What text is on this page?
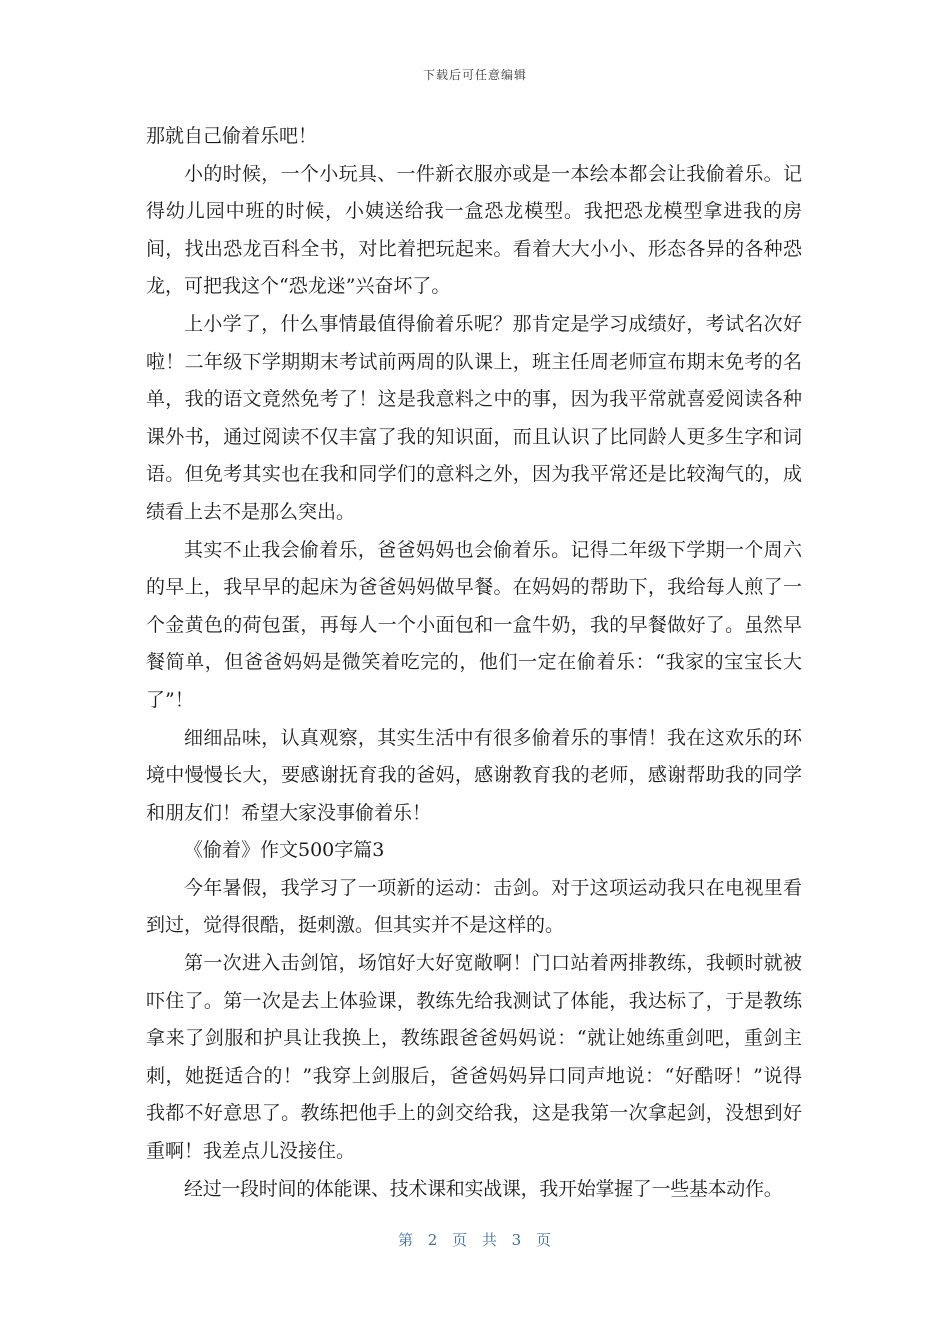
下载后可任意编辑

那就自己偷着乐吧！

小的时候，一个小玩具、一件新衣服亦或是一本绘本都会让我偷着乐。记得幼儿园中班的时候，小姨送给我一盒恐龙模型。我把恐龙模型拿进我的房间，找出恐龙百科全书，对比着把玩起来。看着大大小小、形态各异的各种恐龙，可把我这个“恐龙迷”兴奋坏了。

上小学了，什么事情最值得偷着乐呢？那肯定是学习成绩好，考试名次好啦！二年级下学期期末考试前两周的队课上，班主任周老师宣布期末免考的名单，我的语文竟然免考了！这是我意料之中的事，因为我平常就喜爱阅读各种课外书，通过阅读不仅丰富了我的知识面，而且认识了比同龄人更多生字和词语。但免考其实也在我和同学们的意料之外，因为我平常还是比较淘气的，成绩看上去不是那么突出。

其实不止我会偷着乐，爸爸妈妈也会偷着乐。记得二年级下学期一个周六的早上，我早早的起床为爸爸妈妈做早餐。在妈妈的帮助下，我给每人煎了一个金黄色的荷包蛋，再每人一个小面包和一盒牛奶，我的早餐做好了。虽然早餐简单，但爸爸妈妈是微笑着吃完的，他们一定在偷着乐：“我家的宝宝长大了”！

细细品味，认真观察，其实生活中有很多偷着乐的事情！我在这欢乐的环境中慢慢长大，要感谢抚育我的爸妈，感谢教育我的老师，感谢帮助我的同学和朋友们！希望大家没事偷着乐！

《偷着》作文500字篇3

今年暑假，我学习了一项新的运动：击剑。对于这项运动我只在电视里看到过，觉得很酷，挺刺激。但其实并不是这样的。

第一次进入击剑馆，场馆好大好宽敞啊！门口站着两排教练，我顿时就被吓住了。第一次是去上体验课，教练先给我测试了体能，我达标了，于是教练拿来了剑服和护具让我换上，教练跟爸爸妈妈说：“就让她练重剑吧，重剑主刺，她挺适合的！”我穿上剑服后，爸爸妈妈异口同声地说：“好酷呀！”说得我都不好意思了。教练把他手上的剑交给我，这是我第一次拿起剑，没想到好重啊！我差点儿没接住。

经过一段时间的体能课、技术课和实战课，我开始掌握了一些基本动作。

第 2 页 共 3 页
